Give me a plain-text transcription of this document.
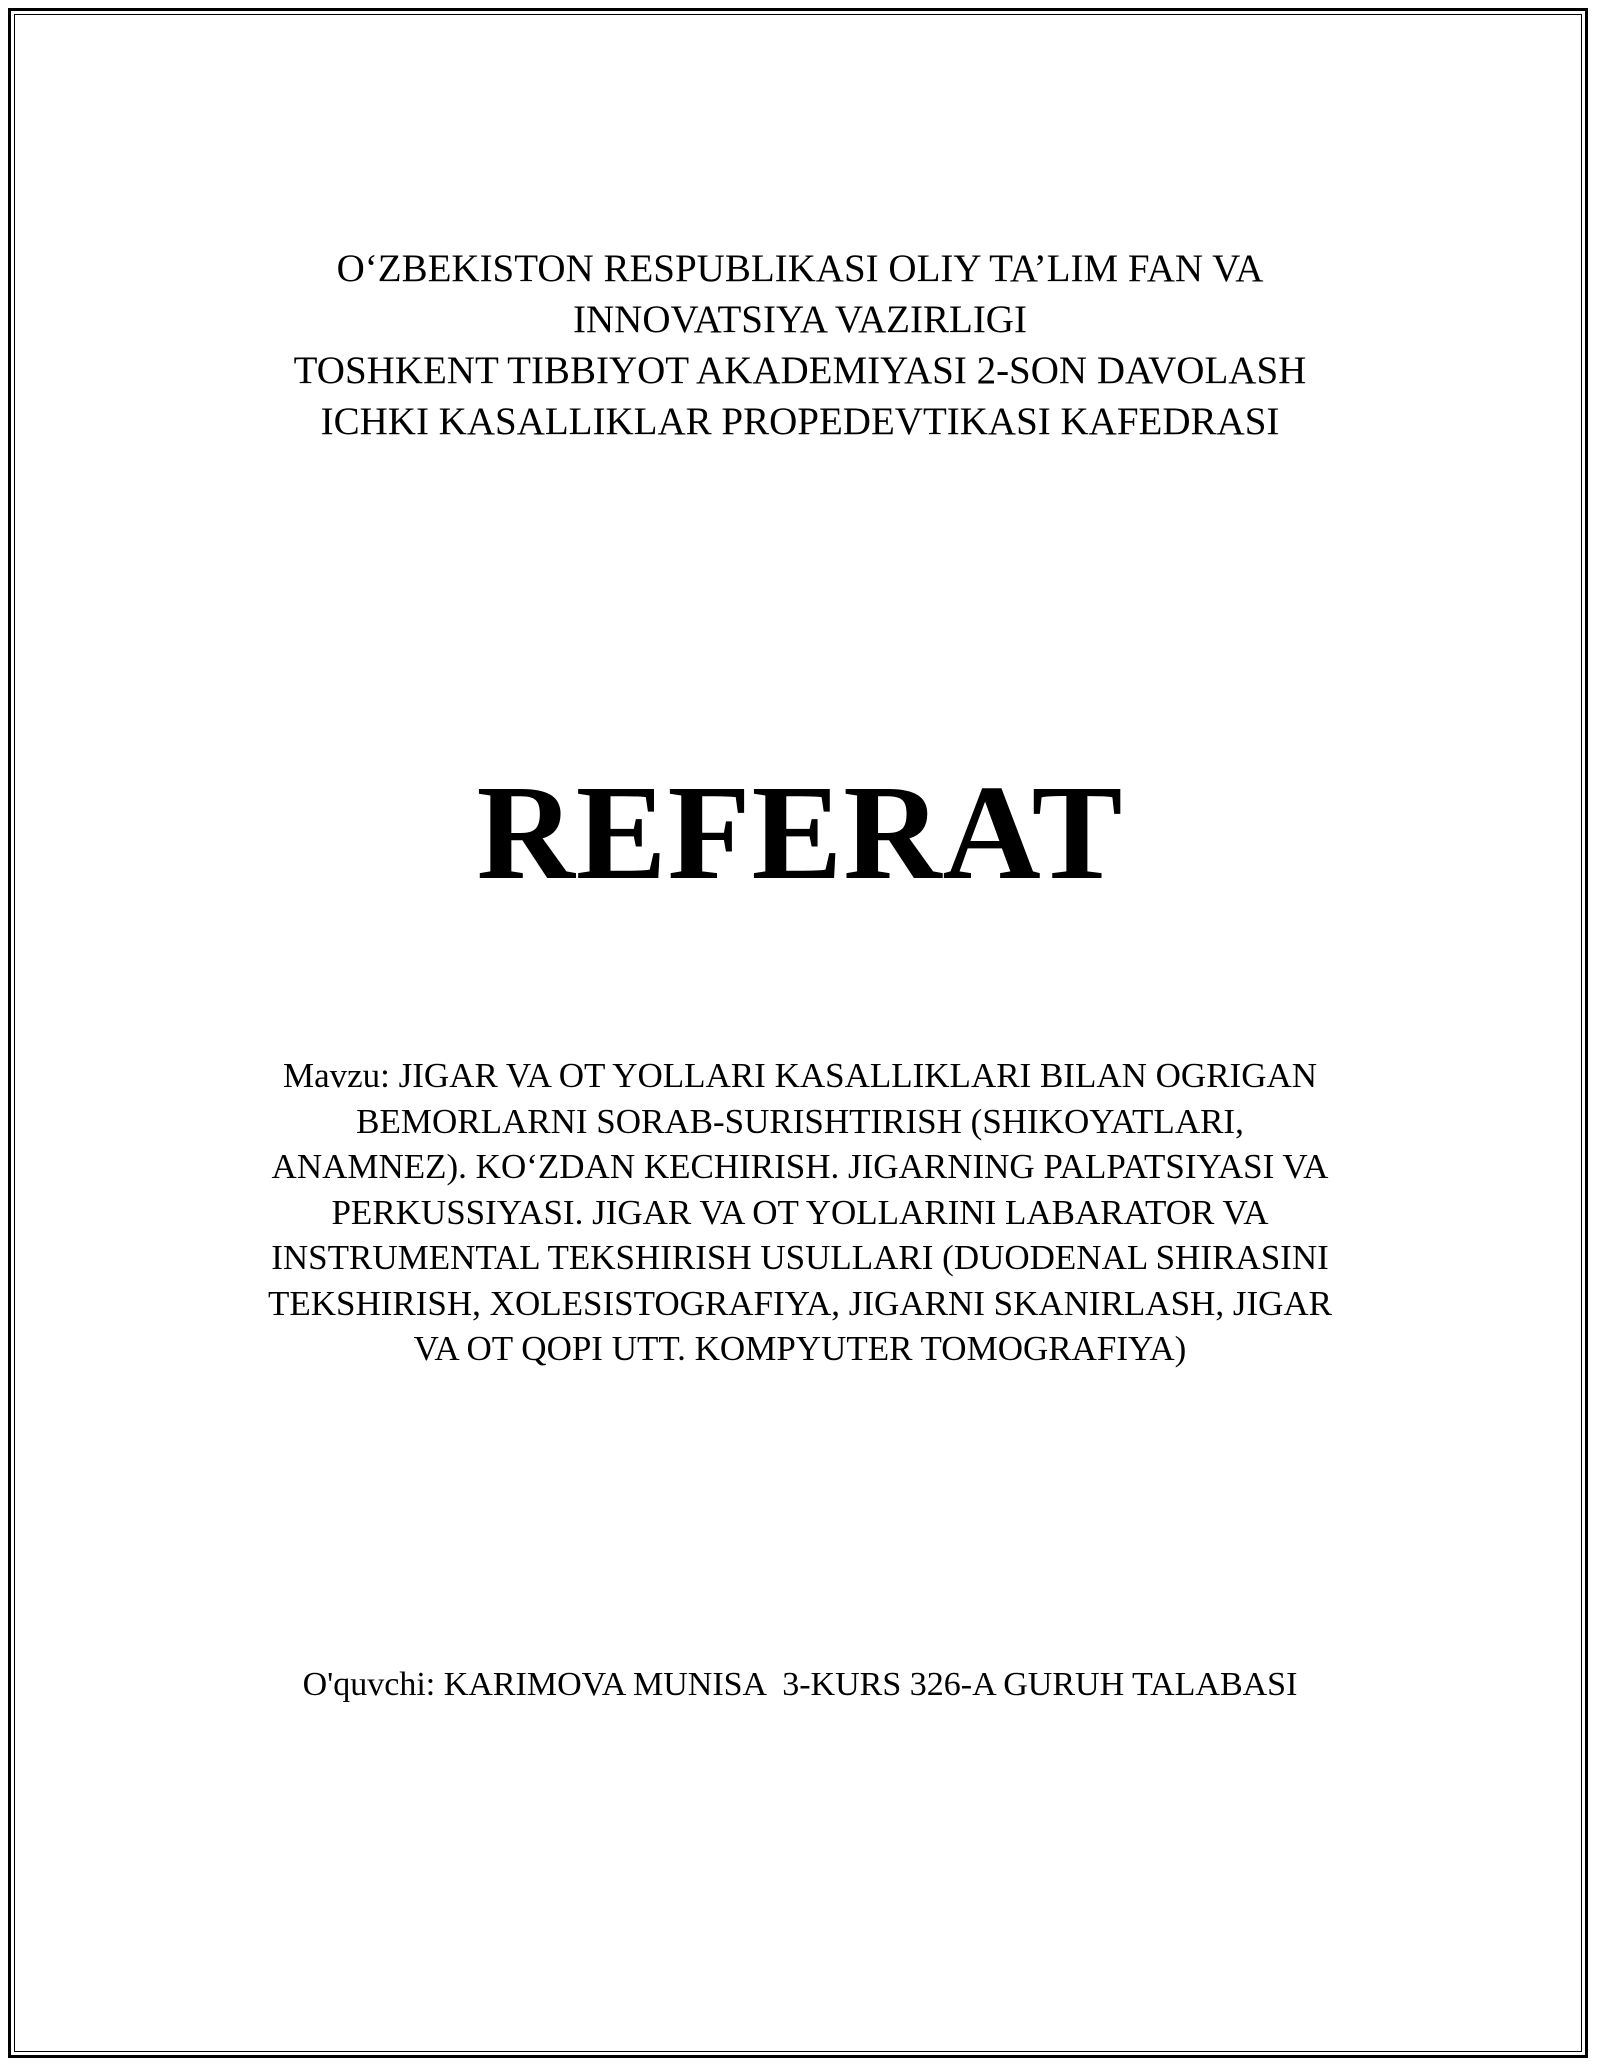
O‘ZBEKISTON RESPUBLIKASI OLIY TA’LIM FAN VA
INNOVATSIYA VAZIRLIGI
TOSHKENT TIBBIYOT AKADEMIYASI 2-SON DAVOLASH
ICHKI KASALLIKLAR PROPEDEVTIKASI KAFEDRASI
REFERAT
Mavzu: JIGAR VA OT YOLLARI KASALLIKLARI BILAN OGRIGAN
BEMORLARNI SORAB-SURISHTIRISH (SHIKOYATLARI,
ANAMNEZ). KO‘ZDAN KECHIRISH. JIGARNING PALPATSIYASI VA
PERKUSSIYASI. JIGAR VA OT YOLLARINI LABARATOR VA
INSTRUMENTAL TEKSHIRISH USULLARI (DUODENAL SHIRASINI
TEKSHIRISH, XOLESISTOGRAFIYA, JIGARNI SKANIRLASH, JIGAR
VA OT QOPI UTT. KOMPYUTER TOMOGRAFIYA)
O'quvchi: KARIMOVA MUNISA  3-KURS 326-A GURUH TALABASI
